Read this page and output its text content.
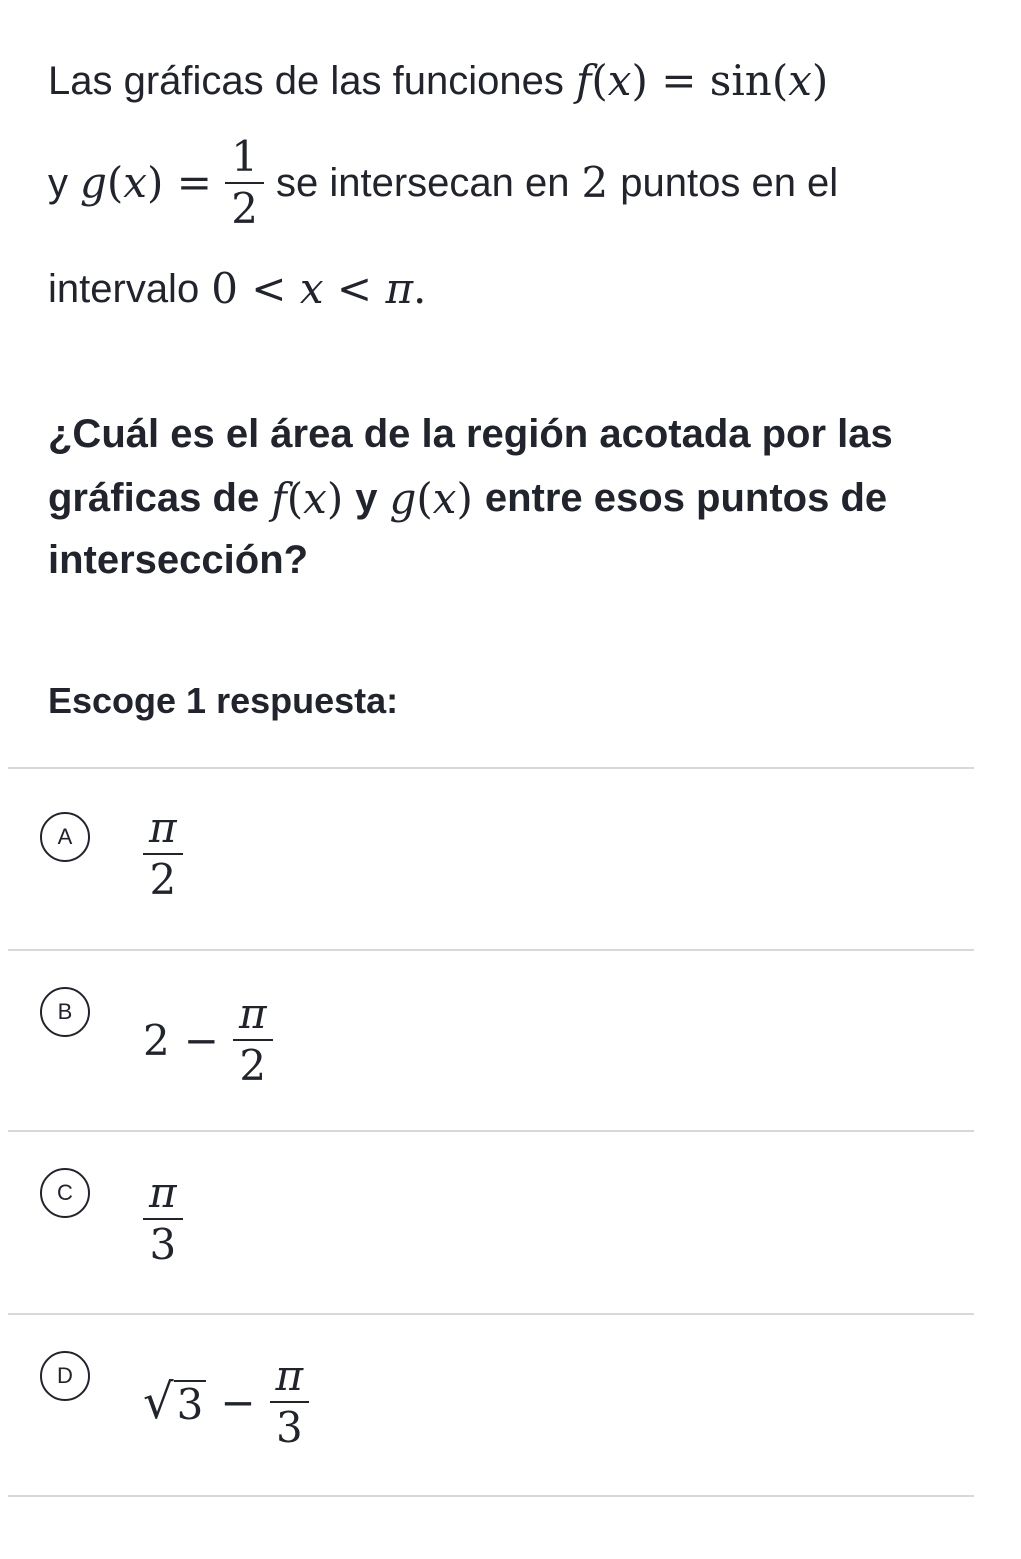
Las gráficas de las funciones f(x) = sin(x)
y g ( x ) = $\frac{1}{2}$ se intersecan en 2 puntos en el
intervalo 0 < x < π.
¿Cuál es el área de la región acotada por las
gráficas de f(x) y g(x) entre esos puntos de
intersección?
Escoge 1 respuesta:
A $\frac{\pi}{2}$
B
$2 - \frac{\pi}{2}$
C $\frac{\pi}{3}$
D √ $3 - \frac{\pi}{3}$
